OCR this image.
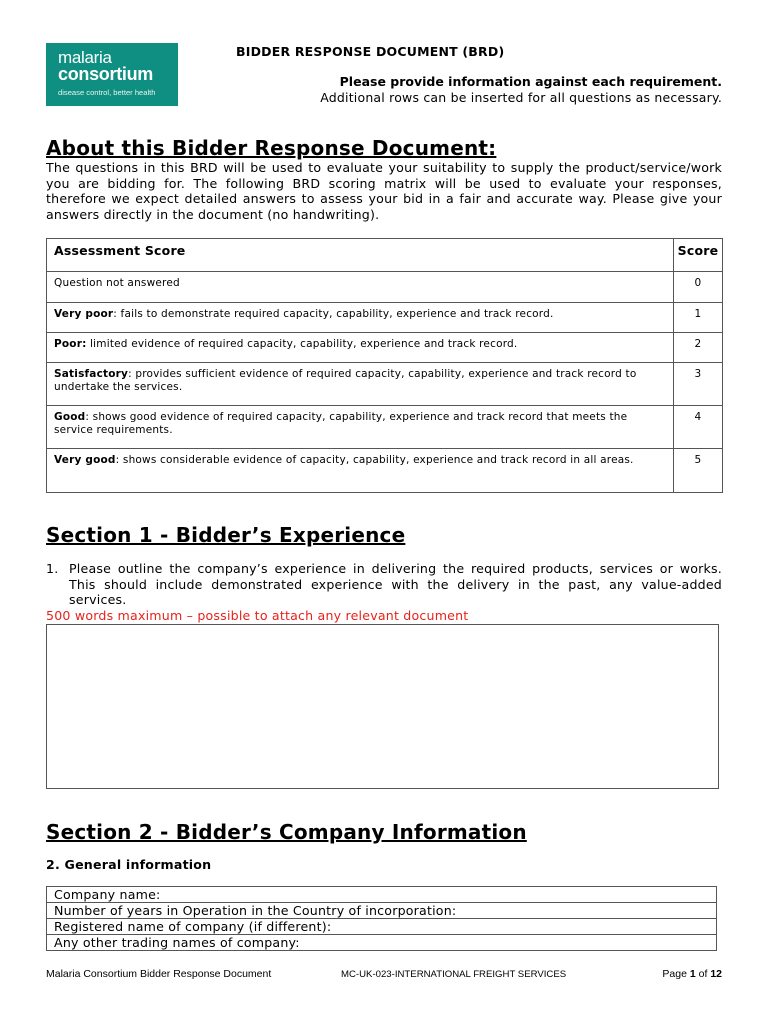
malaria
consortium
disease control, better health
BIDDER RESPONSE DOCUMENT (BRD)
Please provide information against each requirement.
Additional rows can be inserted for all questions as necessary.
About this Bidder Response Document:
The questions in this BRD will be used to evaluate your suitability to supply the product/service/work you are bidding for. The following BRD scoring matrix will be used to evaluate your responses, therefore we expect detailed answers to assess your bid in a fair and accurate way. Please give your answers directly in the document (no handwriting).
Assessment Score	Score
Question not answered	0
Very poor: fails to demonstrate required capacity, capability, experience and track record.	1
Poor: limited evidence of required capacity, capability, experience and track record.	2
Satisfactory: provides sufficient evidence of required capacity, capability, experience and track record to undertake the services.	3
Good: shows good evidence of required capacity, capability, experience and track record that meets the service requirements.	4
Very good: shows considerable evidence of capacity, capability, experience and track record in all areas.	5
Section 1 - Bidder’s Experience
1. Please outline the company’s experience in delivering the required products, services or works. This should include demonstrated experience with the delivery in the past, any value-added services.
500 words maximum – possible to attach any relevant document
Section 2 - Bidder’s Company Information
2. General information
Company name:
Number of years in Operation in the Country of incorporation:
Registered name of company (if different):
Any other trading names of company:
Malaria Consortium Bidder Response Document	MC-UK-023-INTERNATIONAL FREIGHT SERVICES	Page 1 of 12
